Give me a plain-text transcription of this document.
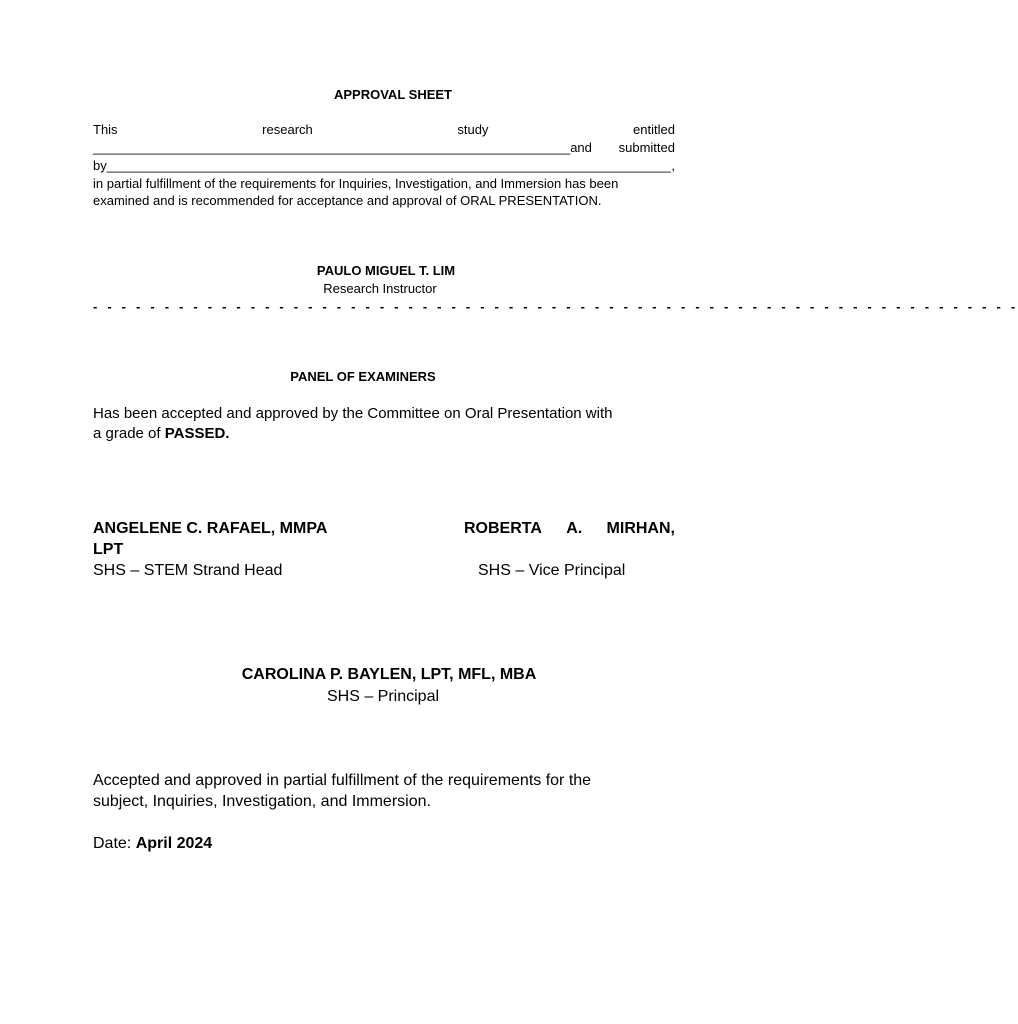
APPROVAL SHEET
This	research	study	entitled
__________________________________________________________________and submitted
by______________________________________________________________________________ ,
in partial fulfillment of the requirements for Inquiries, Investigation, and Immersion has been
examined and is recommended for acceptance and approval of ORAL PRESENTATION.
PAULO MIGUEL T. LIM
Research Instructor
- - - - - - - - - - - - - - - - - - - - - - - - - - - - - - - - - - - - - - - - - - - - - - - - - - - - - - - - - - - - - - - - -
PANEL OF EXAMINERS
Has been accepted and approved by the Committee on Oral Presentation with
a grade of PASSED.
ANGELENE C. RAFAEL, MMPA	ROBERTA A. MIRHAN,
LPT
SHS – STEM Strand Head	SHS – Vice Principal
CAROLINA P. BAYLEN, LPT, MFL, MBA
SHS – Principal
Accepted and approved in partial fulfillment of the requirements for the
subject, Inquiries, Investigation, and Immersion.
Date: April 2024
